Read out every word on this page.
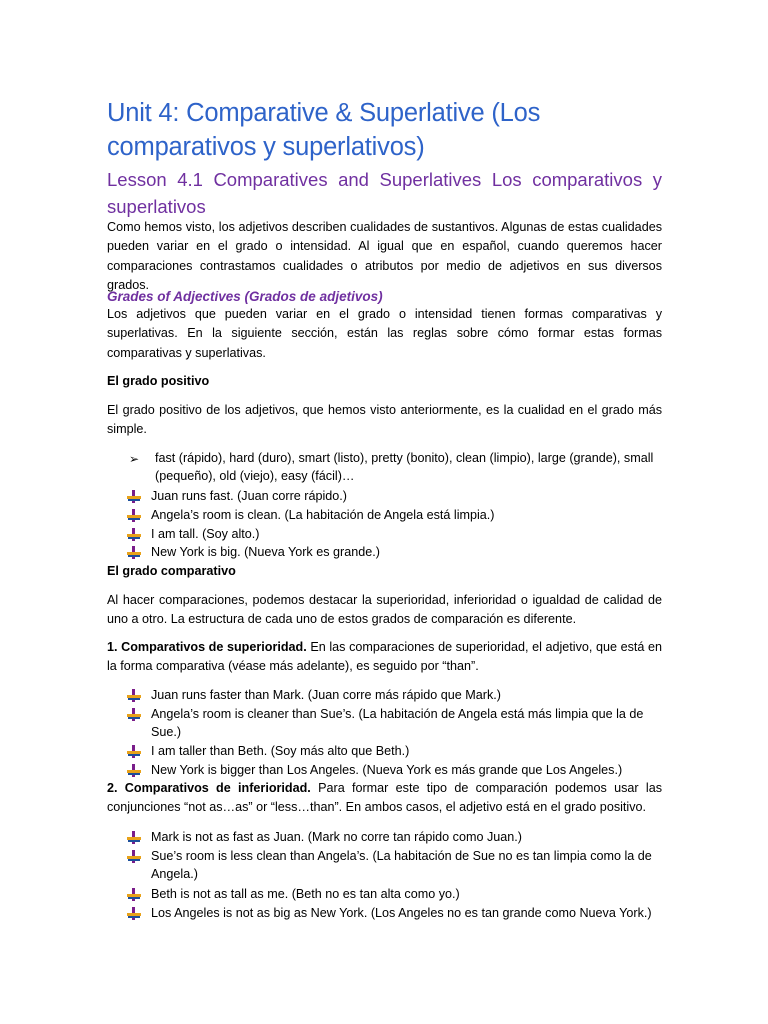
Unit 4: Comparative & Superlative (Los comparativos y superlativos)
Lesson 4.1 Comparatives and Superlatives Los comparativos y superlativos

Como hemos visto, los adjetivos describen cualidades de sustantivos. Algunas de estas cualidades pueden variar en el grado o intensidad. Al igual que en español, cuando queremos hacer comparaciones contrastamos cualidades o atributos por medio de adjetivos en sus diversos grados.

Grades of Adjectives (Grados de adjetivos)

Los adjetivos que pueden variar en el grado o intensidad tienen formas comparativas y superlativas. En la siguiente sección, están las reglas sobre cómo formar estas formas comparativas y superlativas.

El grado positivo

El grado positivo de los adjetivos, que hemos visto anteriormente, es la cualidad en el grado más simple.

➢ fast (rápido), hard (duro), smart (listo), pretty (bonito), clean (limpio), large (grande), small (pequeño), old (viejo), easy (fácil)…
Juan runs fast. (Juan corre rápido.)
Angela’s room is clean. (La habitación de Angela está limpia.)
I am tall. (Soy alto.)
New York is big. (Nueva York es grande.)

El grado comparativo

Al hacer comparaciones, podemos destacar la superioridad, inferioridad o igualdad de calidad de uno a otro. La estructura de cada uno de estos grados de comparación es diferente.

1. Comparativos de superioridad. En las comparaciones de superioridad, el adjetivo, que está en la forma comparativa (véase más adelante), es seguido por “than”.

Juan runs faster than Mark. (Juan corre más rápido que Mark.)
Angela’s room is cleaner than Sue’s. (La habitación de Angela está más limpia que la de Sue.)
I am taller than Beth. (Soy más alto que Beth.)
New York is bigger than Los Angeles. (Nueva York es más grande que Los Angeles.)

2. Comparativos de inferioridad. Para formar este tipo de comparación podemos usar las conjunciones “not as…as” or “less…than”. En ambos casos, el adjetivo está en el grado positivo.

Mark is not as fast as Juan. (Mark no corre tan rápido como Juan.)
Sue’s room is less clean than Angela’s. (La habitación de Sue no es tan limpia como la de Angela.)
Beth is not as tall as me. (Beth no es tan alta como yo.)
Los Angeles is not as big as New York. (Los Angeles no es tan grande como Nueva York.)
